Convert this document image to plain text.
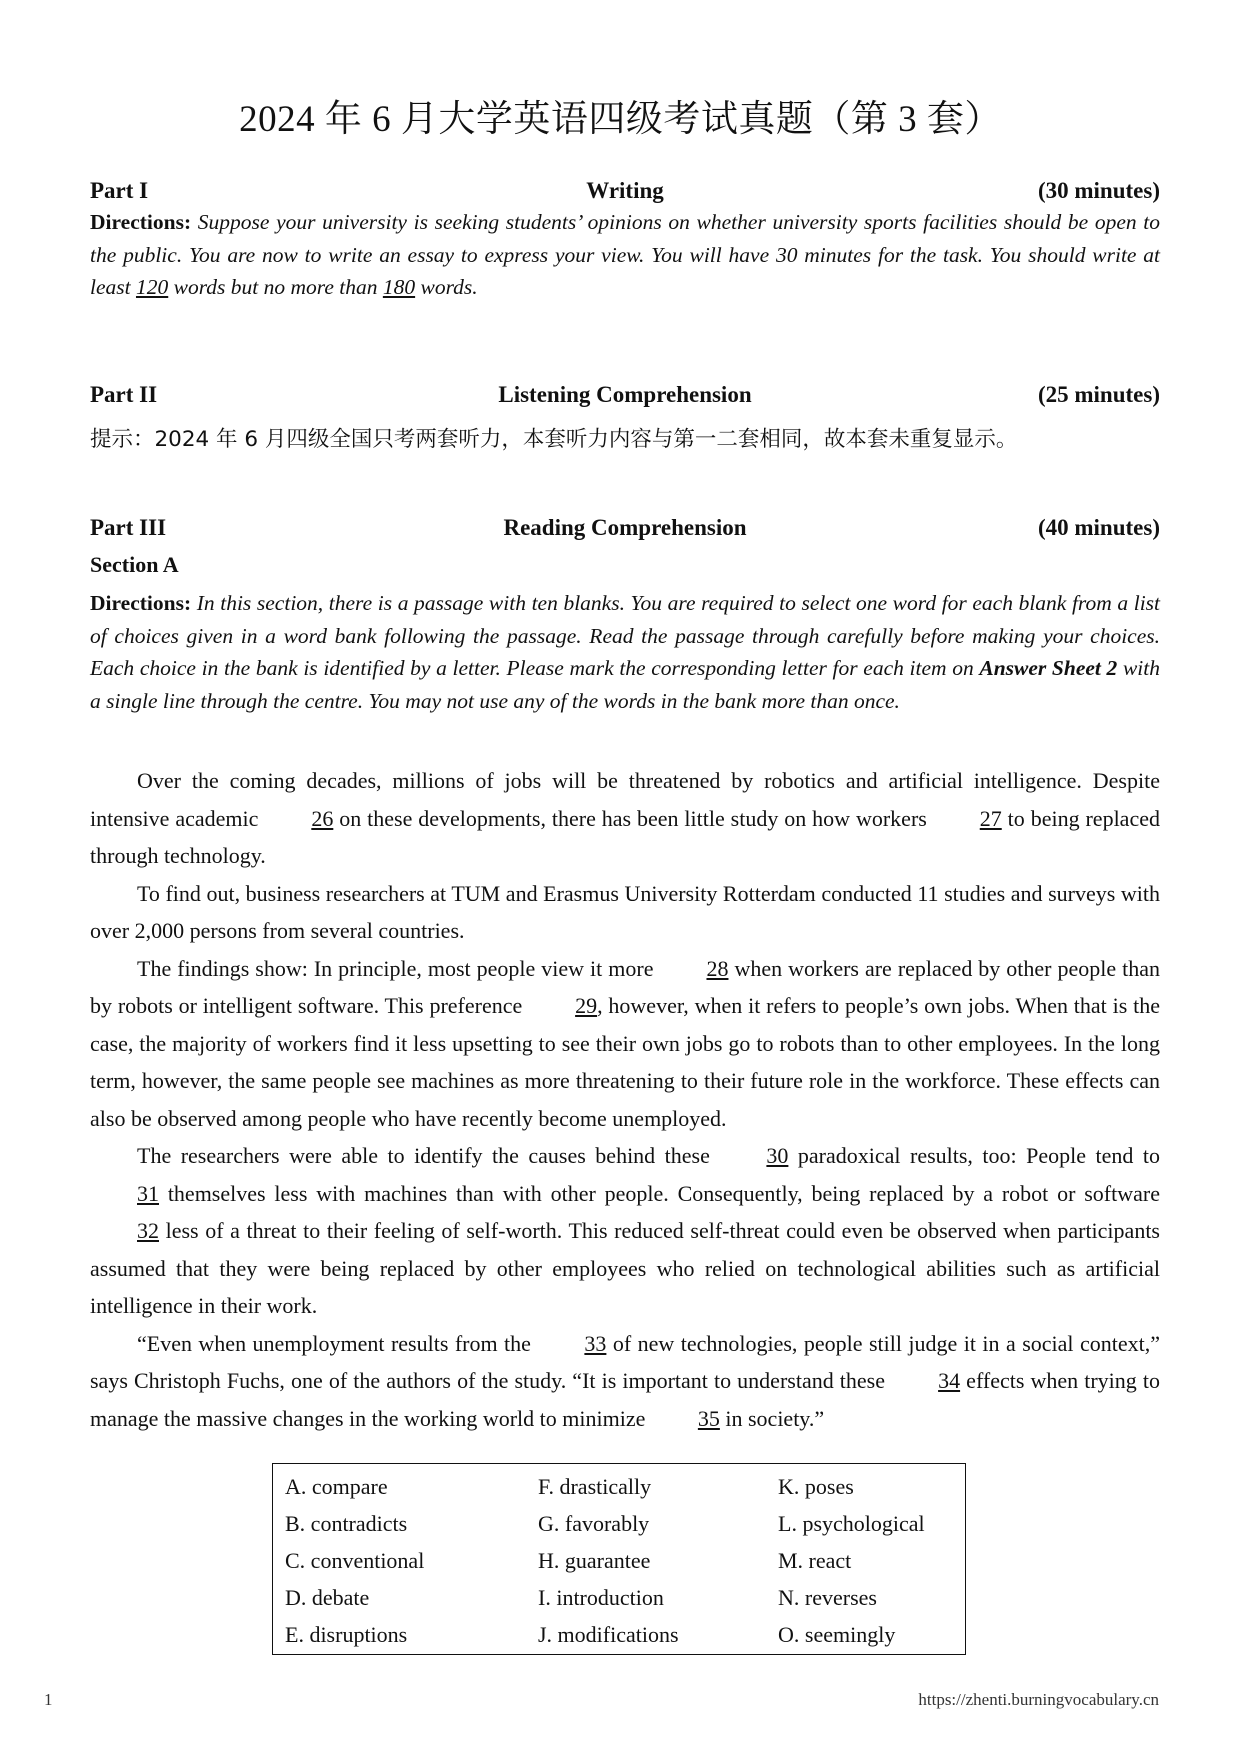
2024 年 6 月大学英语四级考试真题（第 3 套）
Part I	Writing	(30 minutes)
Directions: Suppose your university is seeking students’ opinions on whether university sports facilities should be open to the public. You are now to write an essay to express your view. You will have 30 minutes for the task. You should write at least 120 words but no more than 180 words.
Part II	Listening Comprehension	(25 minutes)
提示：2024 年 6 月四级全国只考两套听力，本套听力内容与第一二套相同，故本套未重复显示。
Part III	Reading Comprehension	(40 minutes)
Section A
Directions: In this section, there is a passage with ten blanks. You are required to select one word for each blank from a list of choices given in a word bank following the passage. Read the passage through carefully before making your choices. Each choice in the bank is identified by a letter. Please mark the corresponding letter for each item on Answer Sheet 2 with a single line through the centre. You may not use any of the words in the bank more than once.

Over the coming decades, millions of jobs will be threatened by robotics and artificial intelligence. Despite intensive academic 26 on these developments, there has been little study on how workers 27 to being replaced through technology.

To find out, business researchers at TUM and Erasmus University Rotterdam conducted 11 studies and surveys with over 2,000 persons from several countries.

The findings show: In principle, most people view it more 28 when workers are replaced by other people than by robots or intelligent software. This preference 29, however, when it refers to people’s own jobs. When that is the case, the majority of workers find it less upsetting to see their own jobs go to robots than to other employees. In the long term, however, the same people see machines as more threatening to their future role in the workforce. These effects can also be observed among people who have recently become unemployed.

The researchers were able to identify the causes behind these 30 paradoxical results, too: People tend to 31 themselves less with machines than with other people. Consequently, being replaced by a robot or software 32 less of a threat to their feeling of self-worth. This reduced self-threat could even be observed when participants assumed that they were being replaced by other employees who relied on technological abilities such as artificial intelligence in their work.

“Even when unemployment results from the 33 of new technologies, people still judge it in a social context,” says Christoph Fuchs, one of the authors of the study. “It is important to understand these 34 effects when trying to manage the massive changes in the working world to minimize 35 in society.”

A. compare	F. drastically	K. poses
B. contradicts	G. favorably	L. psychological
C. conventional	H. guarantee	M. react
D. debate	I. introduction	N. reverses
E. disruptions	J. modifications	O. seemingly
1	https://zhenti.burningvocabulary.cn
